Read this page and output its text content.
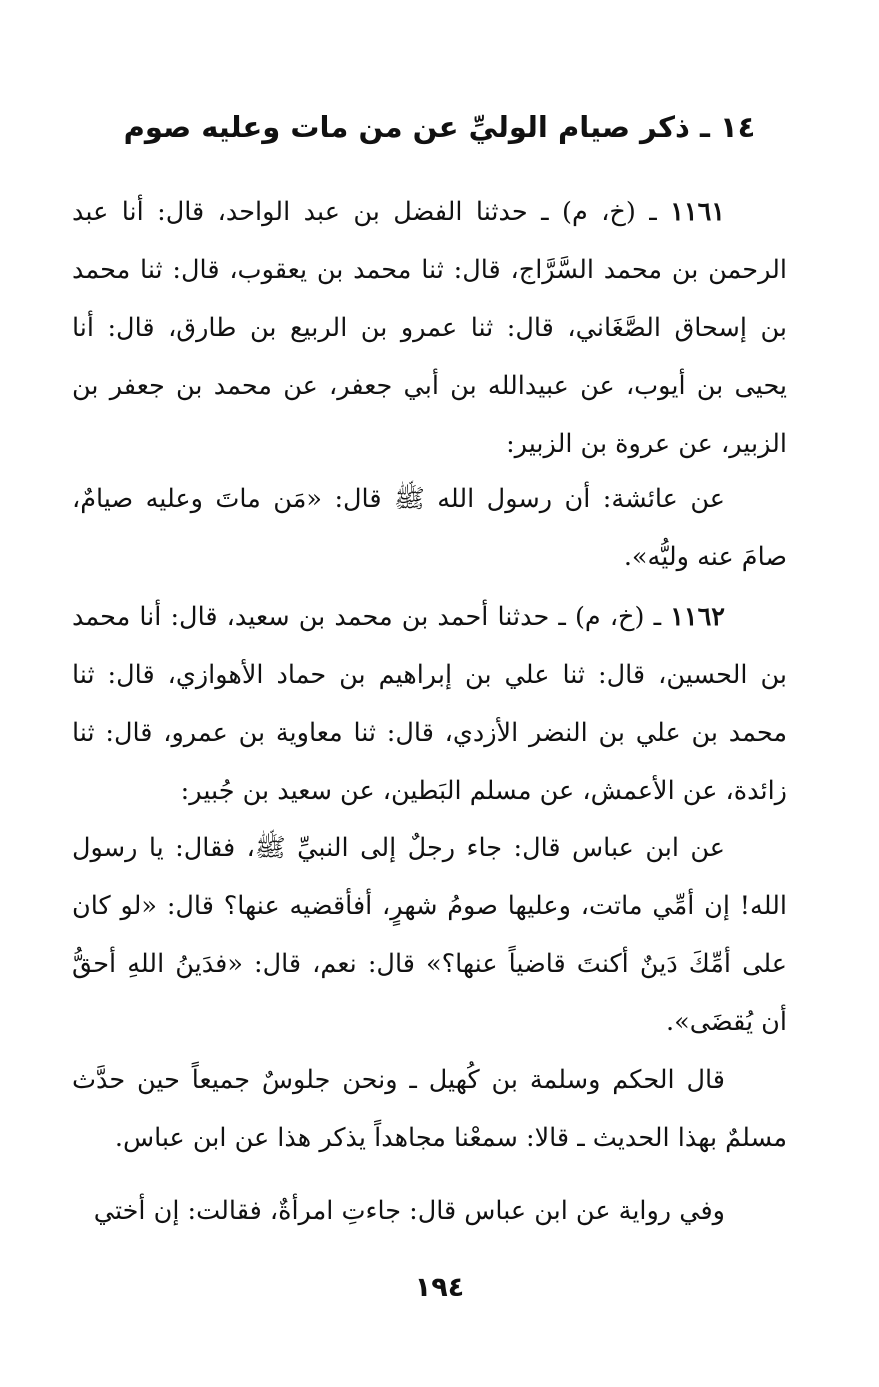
١٤ ـ ذكر صيام الوليِّ عن من مات وعليه صوم

١١٦١ ـ (خ، م) ـ حدثنا الفضل بن عبد الواحد، قال: أنا عبد الرحمن بن محمد السَّرَّاج، قال: ثنا محمد بن يعقوب، قال: ثنا محمد بن إسحاق الصَّغَاني، قال: ثنا عمرو بن الربيع بن طارق، قال: أنا يحيى بن أيوب، عن عبيدالله بن أبي جعفر، عن محمد بن جعفر بن الزبير، عن عروة بن الزبير:

عن عائشة: أن رسول الله ﷺ قال: «مَن ماتَ وعليه صيامٌ، صامَ عنه وليُّه».

١١٦٢ ـ (خ، م) ـ حدثنا أحمد بن محمد بن سعيد، قال: أنا محمد بن الحسين، قال: ثنا علي بن إبراهيم بن حماد الأهوازي، قال: ثنا محمد بن علي بن النضر الأزدي، قال: ثنا معاوية بن عمرو، قال: ثنا زائدة، عن الأعمش، عن مسلم البَطين، عن سعيد بن جُبير:

عن ابن عباس قال: جاء رجلٌ إلى النبيِّ ﷺ، فقال: يا رسول الله! إن أمِّي ماتت، وعليها صومُ شهرٍ، أفأقضيه عنها؟ قال: «لو كان على أمِّكَ دَينٌ أكنتَ قاضياً عنها؟» قال: نعم، قال: «فدَينُ اللهِ أحقُّ أن يُقضَى».

قال الحكم وسلمة بن كُهيل ـ ونحن جلوسٌ جميعاً حين حدَّث مسلمٌ بهذا الحديث ـ قالا: سمعْنا مجاهداً يذكر هذا عن ابن عباس.

وفي رواية عن ابن عباس قال: جاءتِ امرأةٌ، فقالت: إن أختي

١٩٤
